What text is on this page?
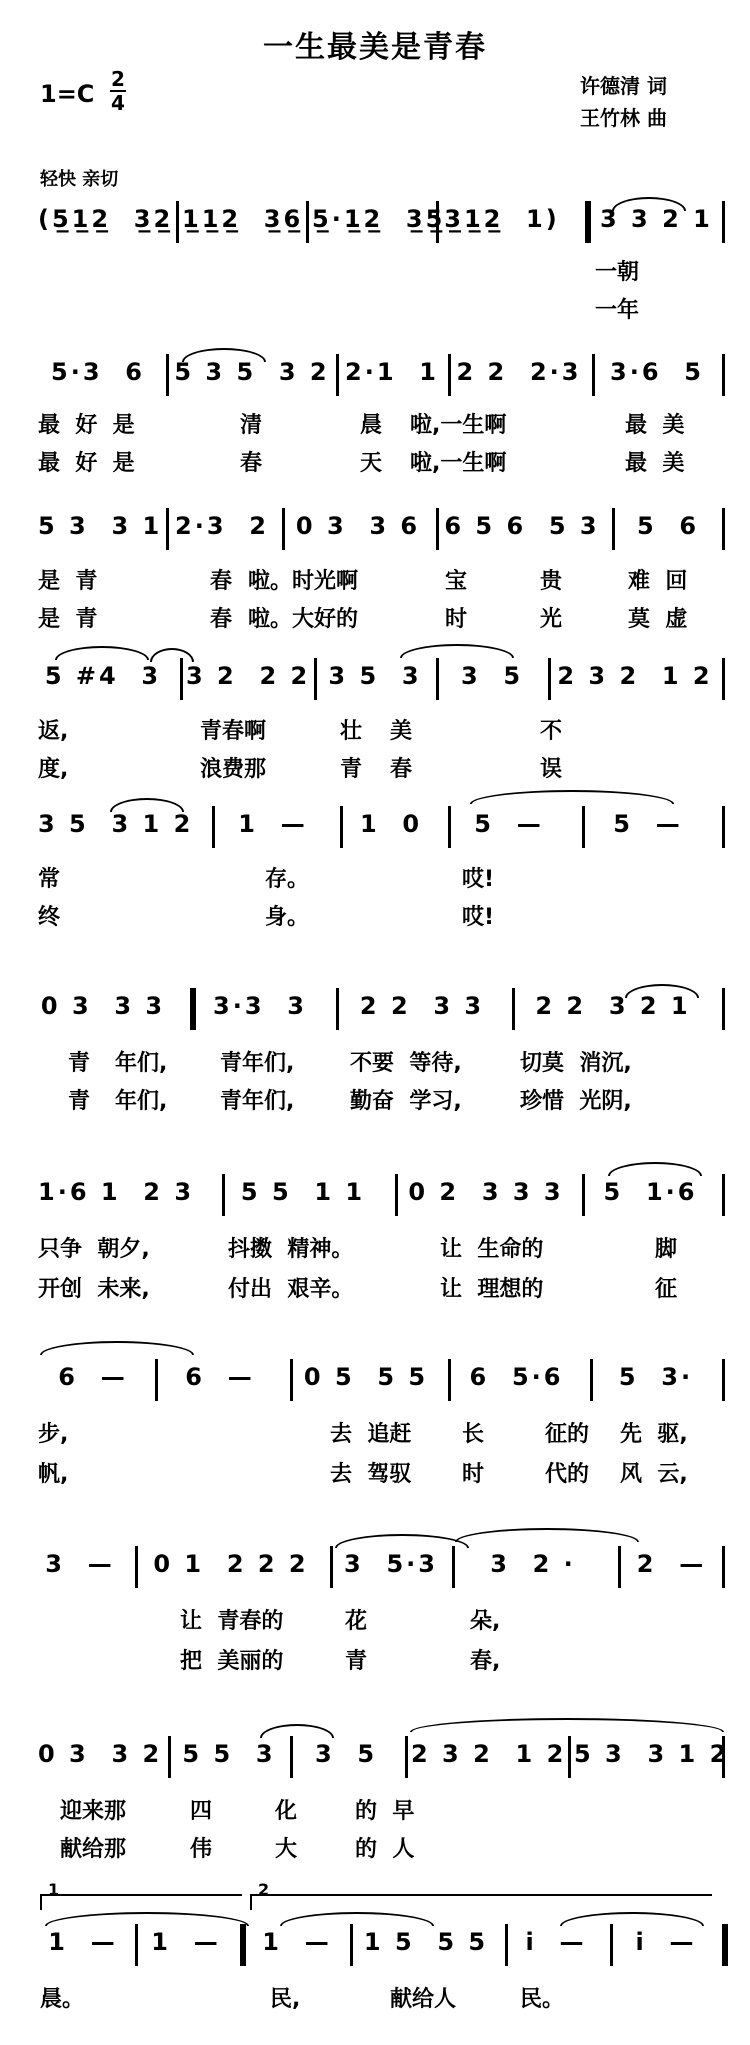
一生最美是青春
1=C
2
4
许德清 词
王竹林 曲
轻快 亲切
(5̲1̲2̲  3̲2̲ 1̲1̲2̲  3̲6̲ 5̲·1̲2̲  3̲5̲
3̲1̲2̲  1) 3 3 2 1
一朝
一年
5·3  6	5 3 5  3 2 2·1  1 2 2  2·3	3·6  5
最  好  是	清	晨 啦,一生啊	最  美
最  好  是	春	天 啦,一生啊	最  美
5 3  3 1 2·3  2	0 3  3 6	6 5 6  5 3	5  6
是  青	春 啦。时光啊	宝	贵	难  回
是  青	春 啦。大好的	时	光	莫  虚
5 #4  3 3 2  2 2 3 5  3	3  5	2 3 2  1 2
返,	青春啊	壮 美	不
度,	浪费那	青 春	误
3 5  3 1 2	1  —	1  0	5  —	5  —
常	存。	哎!
终	身。	哎!
0 3  3 3	3·3  3	2 2  3 3	2 2  3 2 1
青 年们, 青年们,	不要  等待,	切莫  消沉,
青 年们, 青年们,	勤奋  学习,	珍惜  光阴,
1·6 1  2 3	5 5  1 1	0 2  3 3 3	5  1·6
只争  朝夕,	抖擞  精神。	让  生命的	脚
开创  未来,	付出  艰辛。	让  理想的	征
6  —	6  —	0 5  5 5	6  5·6	5  3·
步,	去  追赶 长	征的 先  驱,
帆,	去  驾驭 时	代的 风  云,
3  —	0 1  2 2 2	3  5·3	3  2 ·	2  —
让  青春的	花	朵,
把  美丽的	青	春,
0 3  3 2 5 5  3	3  5	2 3 2  1 2 5 3  3 1 2
迎来那	四	化	的  早
献给那	伟	大	的  人
1	2
1  —	1  —	1  —	1 5  5 5	i  —	i  —
晨。	民,	献给人	民。
